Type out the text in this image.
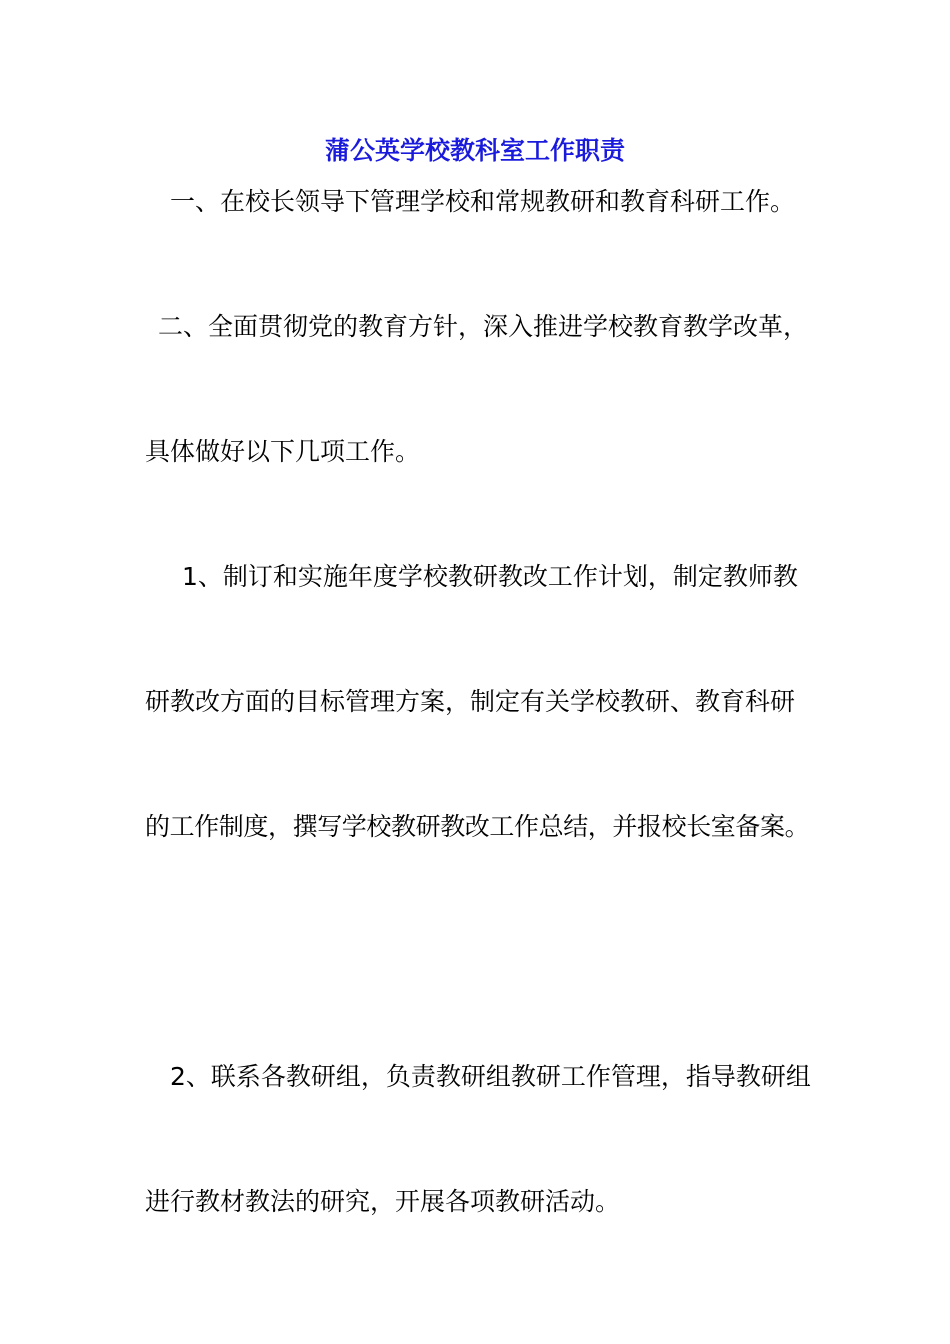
蒲公英学校教科室工作职责
一、在校长领导下管理学校和常规教研和教育科研工作。
二、全面贯彻党的教育方针，深入推进学校教育教学改革，
具体做好以下几项工作。
1、制订和实施年度学校教研教改工作计划，制定教师教
研教改方面的目标管理方案，制定有关学校教研、教育科研
的工作制度，撰写学校教研教改工作总结，并报校长室备案。
2、联系各教研组，负责教研组教研工作管理，指导教研组
进行教材教法的研究，开展各项教研活动。
